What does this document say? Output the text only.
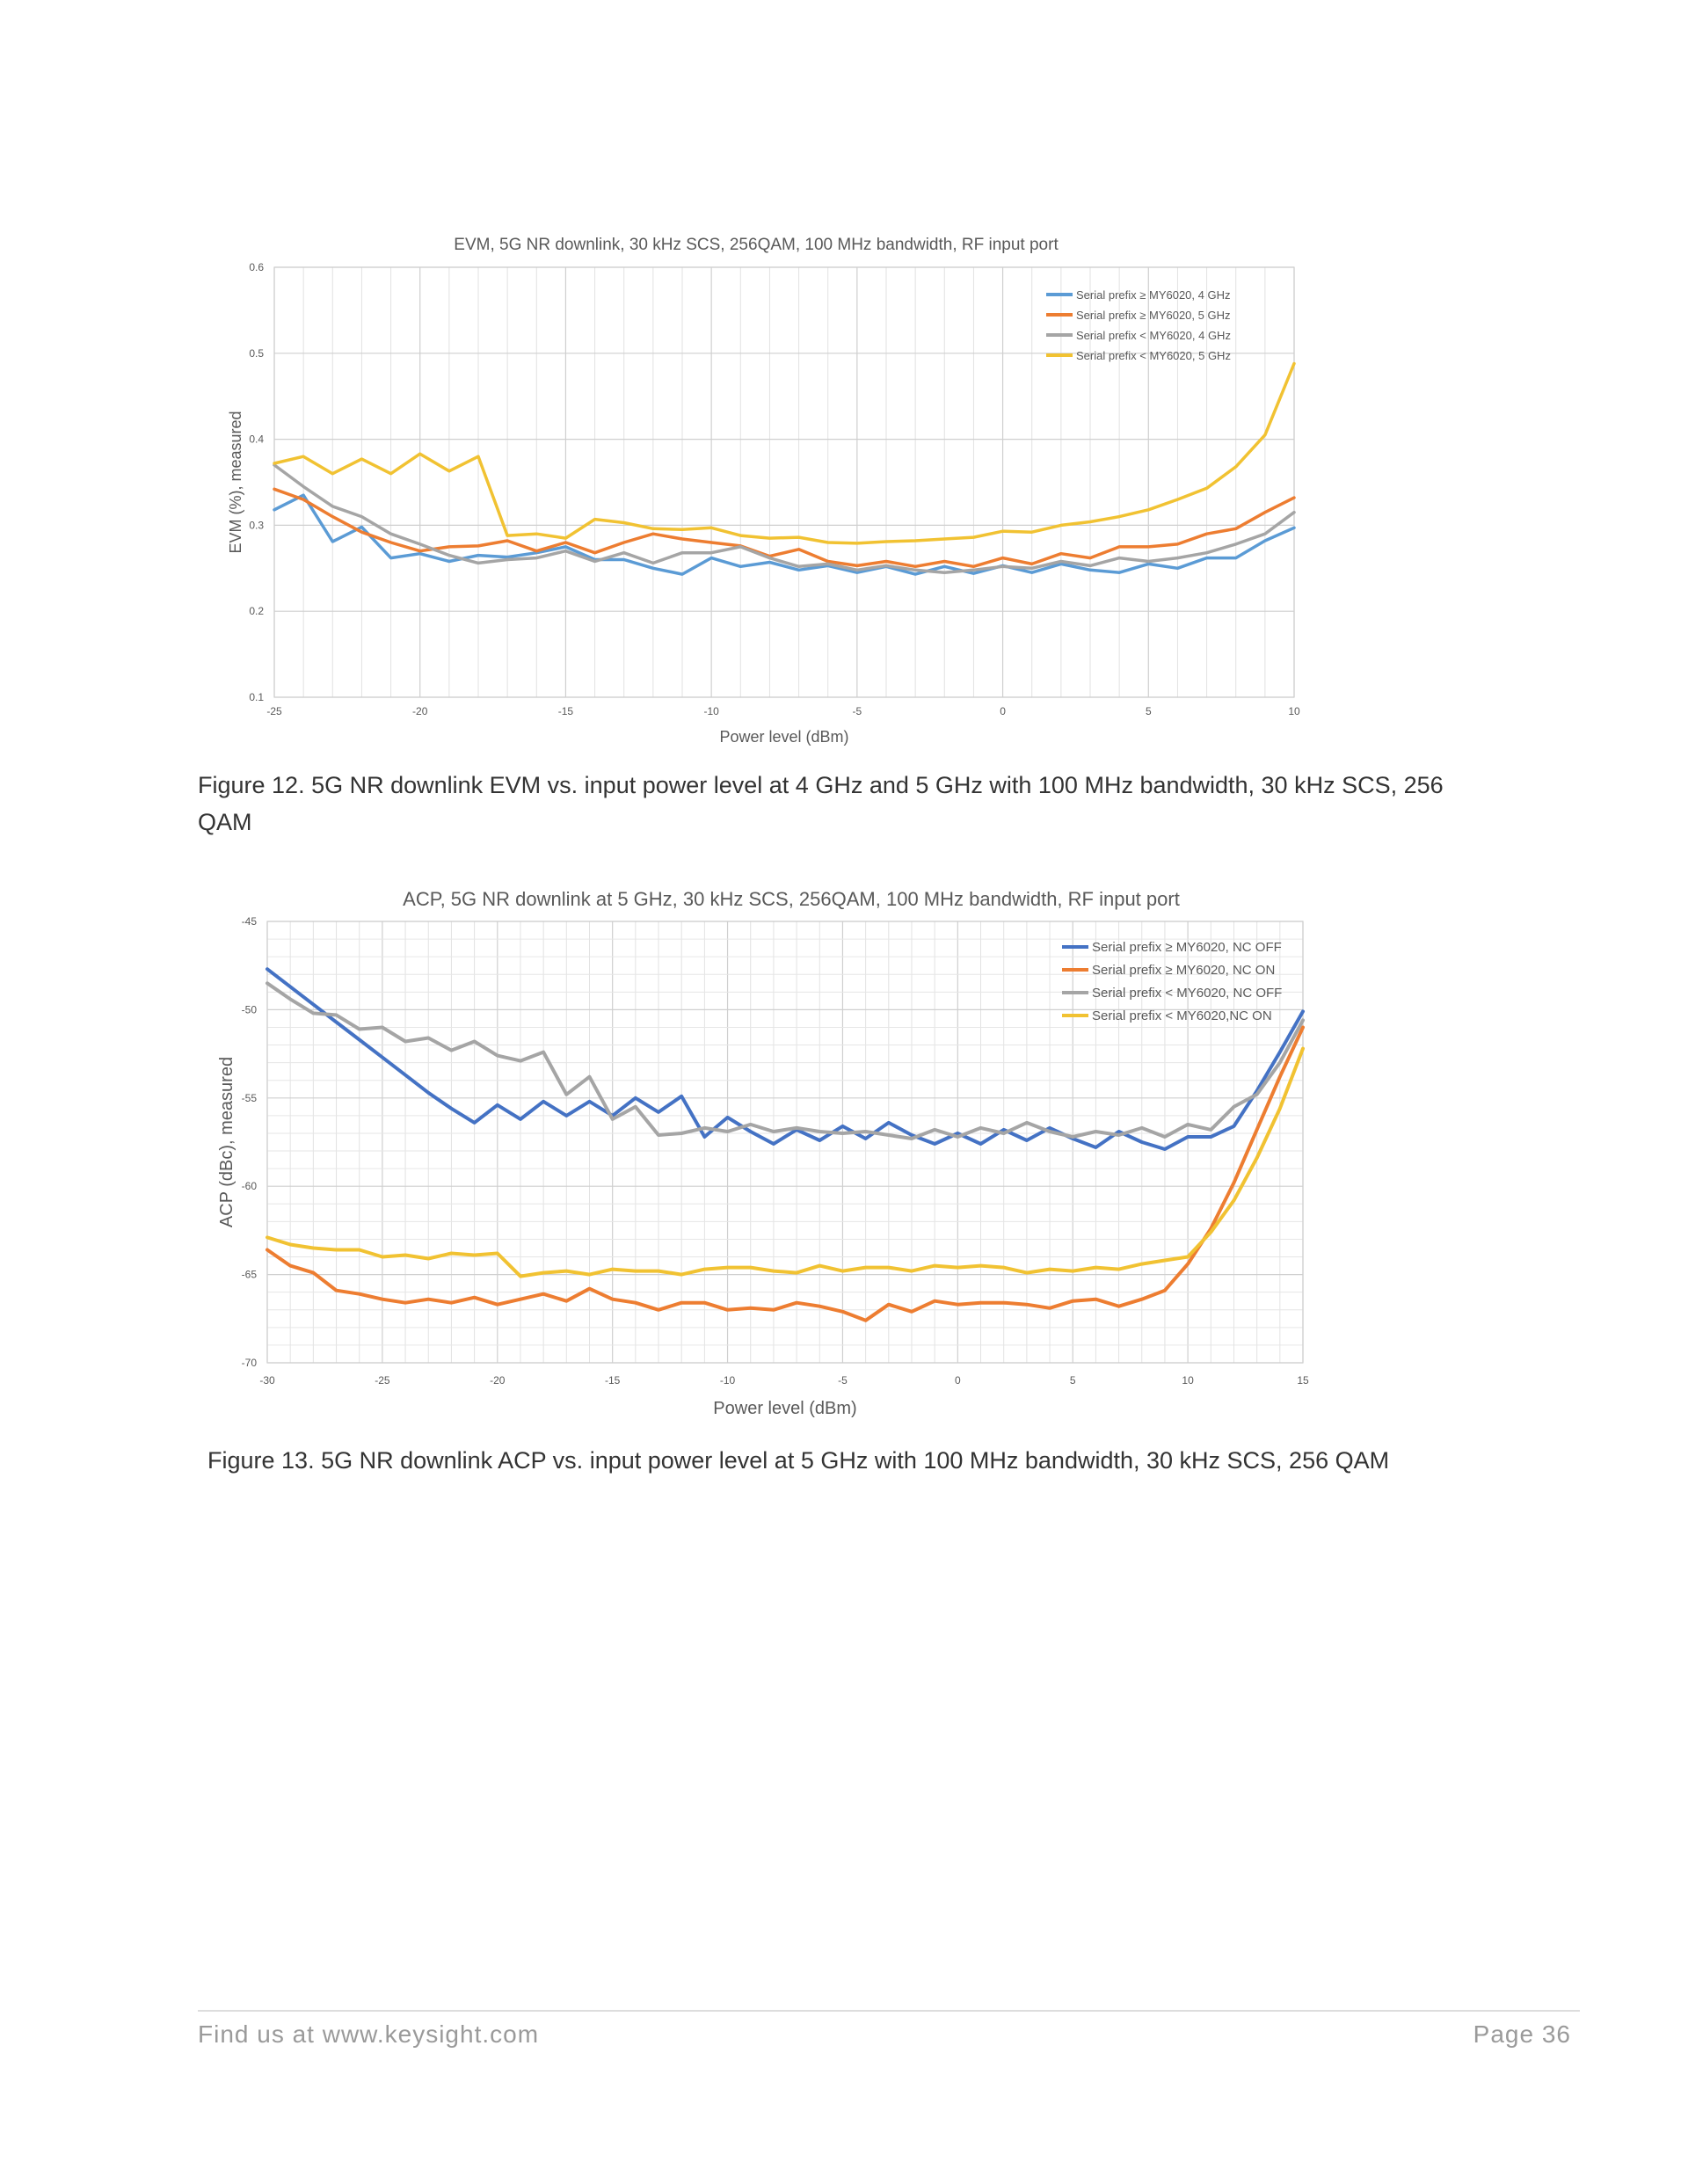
EVM, 5G NR downlink, 30 kHz SCS, 256QAM, 100 MHz bandwidth, RF input port
-25	-20	-15	-10	-5	0	5	10
0.1
0.2
0.3
0.4
0.5
0.6
Power level (dBm)
EVM (%), measured
Serial prefix ≥ MY6020, 4 GHz
Serial prefix ≥ MY6020, 5 GHz
Serial prefix < MY6020, 4 GHz
Serial prefix < MY6020, 5 GHz
Figure 12. 5G NR downlink EVM vs. input power level at 4 GHz and 5 GHz with 100 MHz bandwidth, 30 kHz SCS, 256 QAM
ACP, 5G NR downlink at 5 GHz, 30 kHz SCS, 256QAM, 100 MHz bandwidth, RF input port
-30	-25	-20	-15	-10	-5	0	5	10	15
-70
-65
-60
-55
-50
-45
Power level (dBm)
ACP (dBc), measured
Serial prefix ≥ MY6020, NC OFF
Serial prefix ≥ MY6020, NC ON
Serial prefix < MY6020, NC OFF
Serial prefix < MY6020,NC ON
Figure 13. 5G NR downlink ACP vs. input power level at 5 GHz with 100 MHz bandwidth, 30 kHz SCS, 256 QAM
Find us at www.keysight.com	Page 36
